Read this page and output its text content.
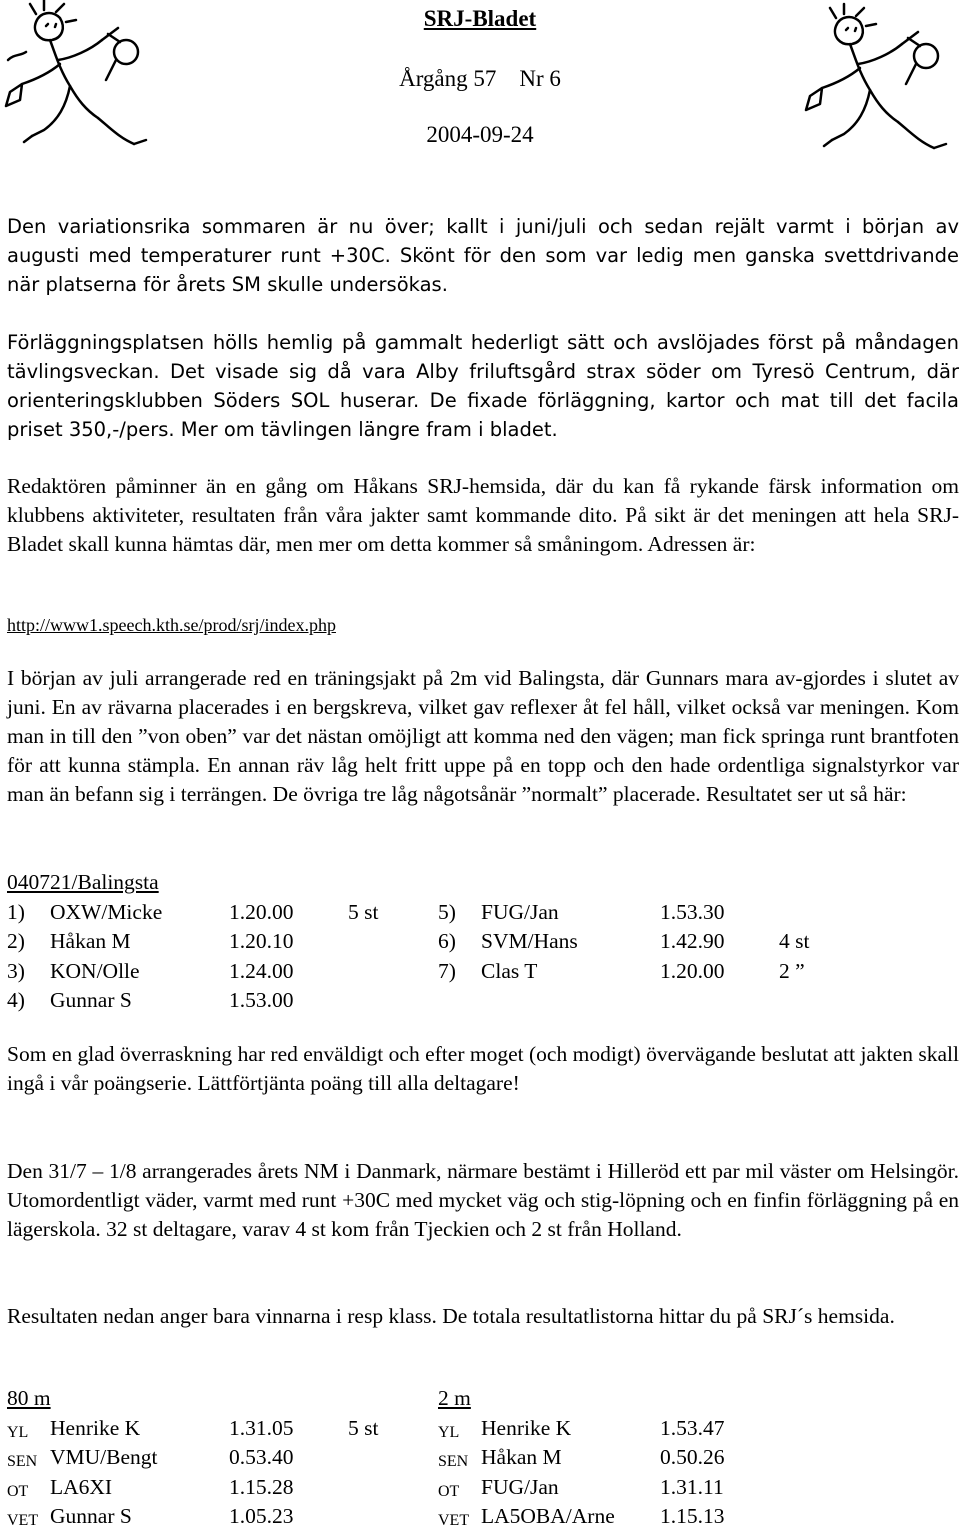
SRJ-Bladet
Årgång 57    Nr 6
2004-09-24

Den variationsrika sommaren är nu över; kallt i juni/juli och sedan rejält varmt i början av augusti med temperaturer runt +30C. Skönt för den som var ledig men ganska svettdrivande när platserna för årets SM skulle undersökas.

Förläggningsplatsen hölls hemlig på gammalt hederligt sätt och avslöjades först på måndagen tävlingsveckan. Det visade sig då vara Alby friluftsgård strax söder om Tyresö Centrum, där orienteringsklubben Söders SOL huserar. De fixade förläggning, kartor och mat till det facila priset 350,-/pers. Mer om tävlingen längre fram i bladet.

Redaktören påminner än en gång om Håkans SRJ-hemsida, där du kan få rykande färsk information om klubbens aktiviteter, resultaten från våra jakter samt kommande dito. På sikt är det meningen att hela SRJ-Bladet skall kunna hämtas där, men mer om detta kommer så småningom. Adressen är:

http://www1.speech.kth.se/prod/srj/index.php

I början av juli arrangerade red en träningsjakt på 2m vid Balingsta, där Gunnars mara av-gjordes i slutet av juni. En av rävarna placerades i en bergskreva, vilket gav reflexer åt fel håll, vilket också var meningen. Kom man in till den ”von oben” var det nästan omöjligt att komma ned den vägen; man fick springa runt brantfoten för att kunna stämpla. En annan räv låg helt fritt uppe på en topp och den hade ordentliga signalstyrkor var man än befann sig i terrängen. De övriga tre låg någotsånär ”normalt” placerade. Resultatet ser ut så här:

040721/Balingsta
1) OXW/Micke	1.20.00	5 st	5) FUG/Jan	1.53.30
2) Håkan M	1.20.10	6) SVM/Hans	1.42.90	4 st
3) KON/Olle	1.24.00	7) Clas T	1.20.00	2 ”
4) Gunnar S	1.53.00

Som en glad överraskning har red enväldigt och efter moget (och modigt) övervägande beslutat att jakten skall ingå i vår poängserie. Lättförtjänta poäng till alla deltagare!

Den 31/7 – 1/8 arrangerades årets NM i Danmark, närmare bestämt i Hilleröd ett par mil väster om Helsingör. Utomordentligt väder, varmt med runt +30C med mycket väg och stig-löpning och en finfin förläggning på en lägerskola. 32 st deltagare, varav 4 st kom från Tjeckien och 2 st från Holland.

Resultaten nedan anger bara vinnarna i resp klass. De totala resultatlistorna hittar du på SRJ´s hemsida.

80 m
YL Henrike K	1.31.05	5 st
SEN VMU/Bengt	0.53.40
OT LA6XI	1.15.28
VET Gunnar S	1.05.23
2 m
YL Henrike K	1.53.47
SEN Håkan M	0.50.26
OT FUG/Jan	1.31.11
VET LA5OBA/Arne 1.15.13
